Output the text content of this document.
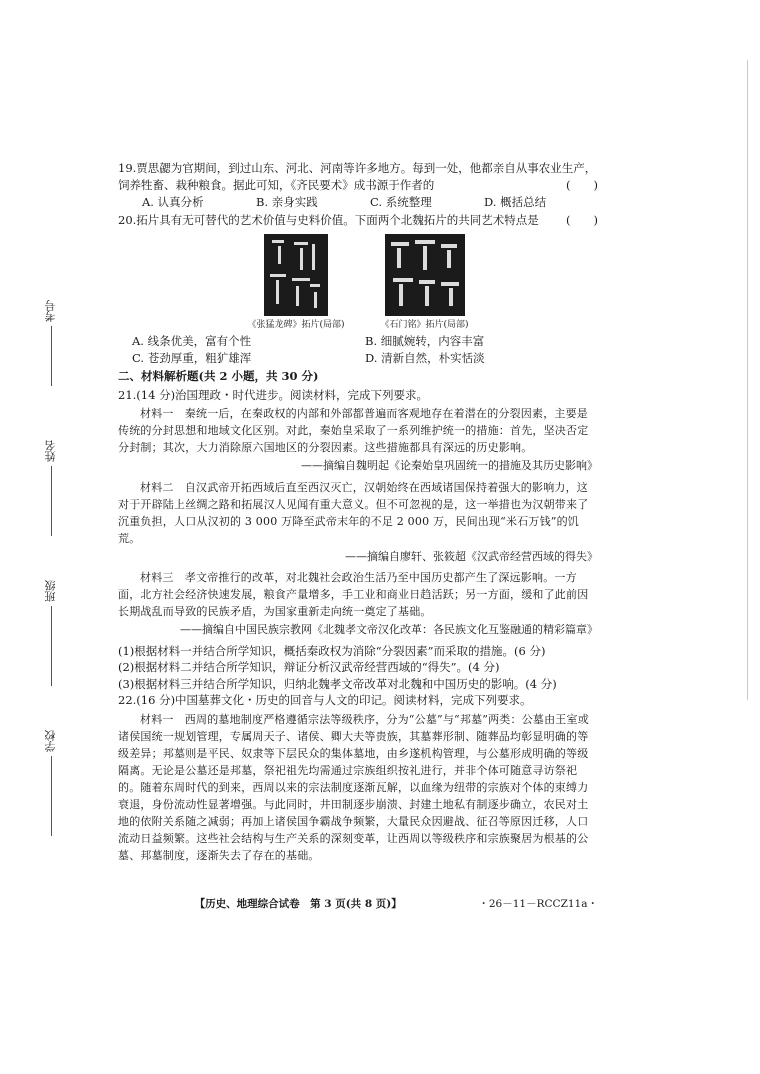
考号
姓名
班级
学校

19.贾思勰为官期间，到过山东、河北、河南等许多地方。每到一处，他都亲自从事农业生产，饲养牲畜、栽种粮食。据此可知，《齐民要术》成书源于作者的	(　　)

A. 认真分析	B. 亲身实践	C. 系统整理	D. 概括总结

20.拓片具有无可替代的艺术价值与史料价值。下面两个北魏拓片的共同艺术特点是 (　　)

《张猛龙碑》拓片(局部)	《石门铭》拓片(局部)
A. 线条优美，富有个性	B. 细腻婉转，内容丰富
C. 苍劲厚重，粗犷雄浑	D. 清新自然，朴实恬淡

二、材料解析题(共 2 小题，共 30 分)

21.(14 分)治国理政・时代进步。阅读材料，完成下列要求。

材料一　秦统一后，在秦政权的内部和外部都普遍而客观地存在着潜在的分裂因素，主要是传统的分封思想和地域文化区别。对此，秦始皇采取了一系列维护统一的措施：首先，坚决否定分封制；其次，大力消除原六国地区的分裂因素。这些措施都具有深远的历史影响。

——摘编自魏明起《论秦始皇巩固统一的措施及其历史影响》

材料二　自汉武帝开拓西域后直至西汉灭亡，汉朝始终在西域诸国保持着强大的影响力，这对于开辟陆上丝绸之路和拓展汉人见闻有重大意义。但不可忽视的是，这一举措也为汉朝带来了沉重负担，人口从汉初的 3 000 万降至武帝末年的不足 2 000 万，民间出现“米石万钱”的饥荒。

——摘编自廖轩、张筱超《汉武帝经营西域的得失》

材料三　孝文帝推行的改革，对北魏社会政治生活乃至中国历史都产生了深远影响。一方面，北方社会经济快速发展，粮食产量增多，手工业和商业日趋活跃；另一方面，缓和了此前因长期战乱而导致的民族矛盾，为国家重新走向统一奠定了基础。

——摘编自中国民族宗教网《北魏孝文帝汉化改革：各民族文化互鉴融通的精彩篇章》

(1)根据材料一并结合所学知识，概括秦政权为消除“分裂因素”而采取的措施。(6 分)

(2)根据材料二并结合所学知识，辩证分析汉武帝经营西域的“得失”。(4 分)

(3)根据材料三并结合所学知识，归纳北魏孝文帝改革对北魏和中国历史的影响。(4 分)

22.(16 分)中国墓葬文化・历史的回音与人文的印记。阅读材料，完成下列要求。

材料一　西周的墓地制度严格遵循宗法等级秩序，分为“公墓”与“邦墓”两类：公墓由王室或诸侯国统一规划管理，专属周天子、诸侯、卿大夫等贵族，其墓葬形制、随葬品均彰显明确的等级差异；邦墓则是平民、奴隶等下层民众的集体墓地，由乡遂机构管理，与公墓形成明确的等级隔离。无论是公墓还是邦墓，祭祀祖先均需通过宗族组织按礼进行，并非个体可随意寻访祭祀的。随着东周时代的到来，西周以来的宗法制度逐渐瓦解，以血缘为纽带的宗族对个体的束缚力衰退，身份流动性显著增强。与此同时，井田制逐步崩溃、封建土地私有制逐步确立，农民对土地的依附关系随之减弱；再加上诸侯国争霸战争频繁，大量民众因避战、征召等原因迁移，人口流动日益频繁。这些社会结构与生产关系的深刻变革，让西周以等级秩序和宗族聚居为根基的公墓、邦墓制度，逐渐失去了存在的基础。

【历史、地理综合试卷　第 3 页(共 8 页)】	・26－11－RCCZ11a・
